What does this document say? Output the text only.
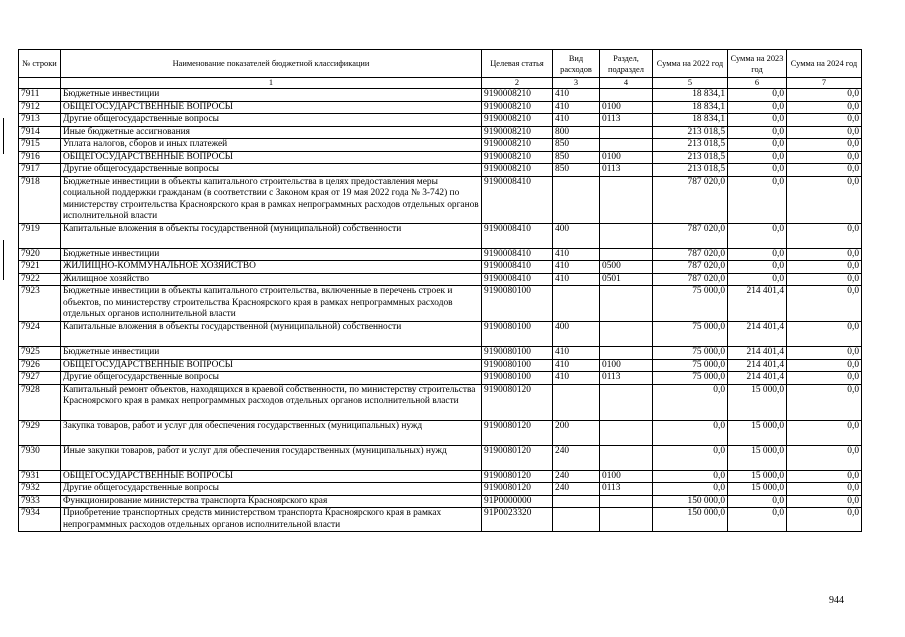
№ строки	Наименование показателей бюджетной классификации	Целевая статья	Вид расходов	Раздел, подраздел	Сумма на 2022 год	Сумма на 2023 год	Сумма на 2024 год
	1	2	3	4	5	6	7
7911	Бюджетные инвестиции	9190008210	410		18 834,1	0,0	0,0
7912	ОБЩЕГОСУДАРСТВЕННЫЕ ВОПРОСЫ	9190008210	410	0100	18 834,1	0,0	0,0
7913	Другие общегосударственные вопросы	9190008210	410	0113	18 834,1	0,0	0,0
7914	Иные бюджетные ассигнования	9190008210	800		213 018,5	0,0	0,0
7915	Уплата налогов, сборов и иных платежей	9190008210	850		213 018,5	0,0	0,0
7916	ОБЩЕГОСУДАРСТВЕННЫЕ ВОПРОСЫ	9190008210	850	0100	213 018,5	0,0	0,0
7917	Другие общегосударственные вопросы	9190008210	850	0113	213 018,5	0,0	0,0
7918	Бюджетные инвестиции в объекты капитального строительства в целях предоставления меры социальной поддержки гражданам (в соответствии с Законом края от 19 мая 2022 года № 3-742) по министерству строительства Красноярского края в рамках непрограммных расходов отдельных органов исполнительной власти	9190008410			787 020,0	0,0	0,0
7919	Капитальные вложения в объекты государственной (муниципальной) собственности	9190008410	400		787 020,0	0,0	0,0
7920	Бюджетные инвестиции	9190008410	410		787 020,0	0,0	0,0
7921	ЖИЛИЩНО-КОММУНАЛЬНОЕ ХОЗЯЙСТВО	9190008410	410	0500	787 020,0	0,0	0,0
7922	Жилищное хозяйство	9190008410	410	0501	787 020,0	0,0	0,0
7923	Бюджетные инвестиции в объекты капитального строительства, включенные в перечень строек и объектов, по министерству строительства Красноярского края в рамках непрограммных расходов отдельных органов исполнительной власти	9190080100			75 000,0	214 401,4	0,0
7924	Капитальные вложения в объекты государственной (муниципальной) собственности	9190080100	400		75 000,0	214 401,4	0,0
7925	Бюджетные инвестиции	9190080100	410		75 000,0	214 401,4	0,0
7926	ОБЩЕГОСУДАРСТВЕННЫЕ ВОПРОСЫ	9190080100	410	0100	75 000,0	214 401,4	0,0
7927	Другие общегосударственные вопросы	9190080100	410	0113	75 000,0	214 401,4	0,0
7928	Капитальный ремонт объектов, находящихся в краевой собственности, по министерству строительства Красноярского края в рамках непрограммных расходов отдельных органов исполнительной власти	9190080120			0,0	15 000,0	0,0
7929	Закупка товаров, работ и услуг для обеспечения государственных (муниципальных) нужд	9190080120	200		0,0	15 000,0	0,0
7930	Иные закупки товаров, работ и услуг для обеспечения государственных (муниципальных) нужд	9190080120	240		0,0	15 000,0	0,0
7931	ОБЩЕГОСУДАРСТВЕННЫЕ ВОПРОСЫ	9190080120	240	0100	0,0	15 000,0	0,0
7932	Другие общегосударственные вопросы	9190080120	240	0113	0,0	15 000,0	0,0
7933	Функционирование министерства транспорта Красноярского края	91P0000000			150 000,0	0,0	0,0
7934	Приобретение транспортных средств министерством транспорта Красноярского края в рамках непрограммных расходов отдельных органов исполнительной власти	91P0023320			150 000,0	0,0	0,0
944
